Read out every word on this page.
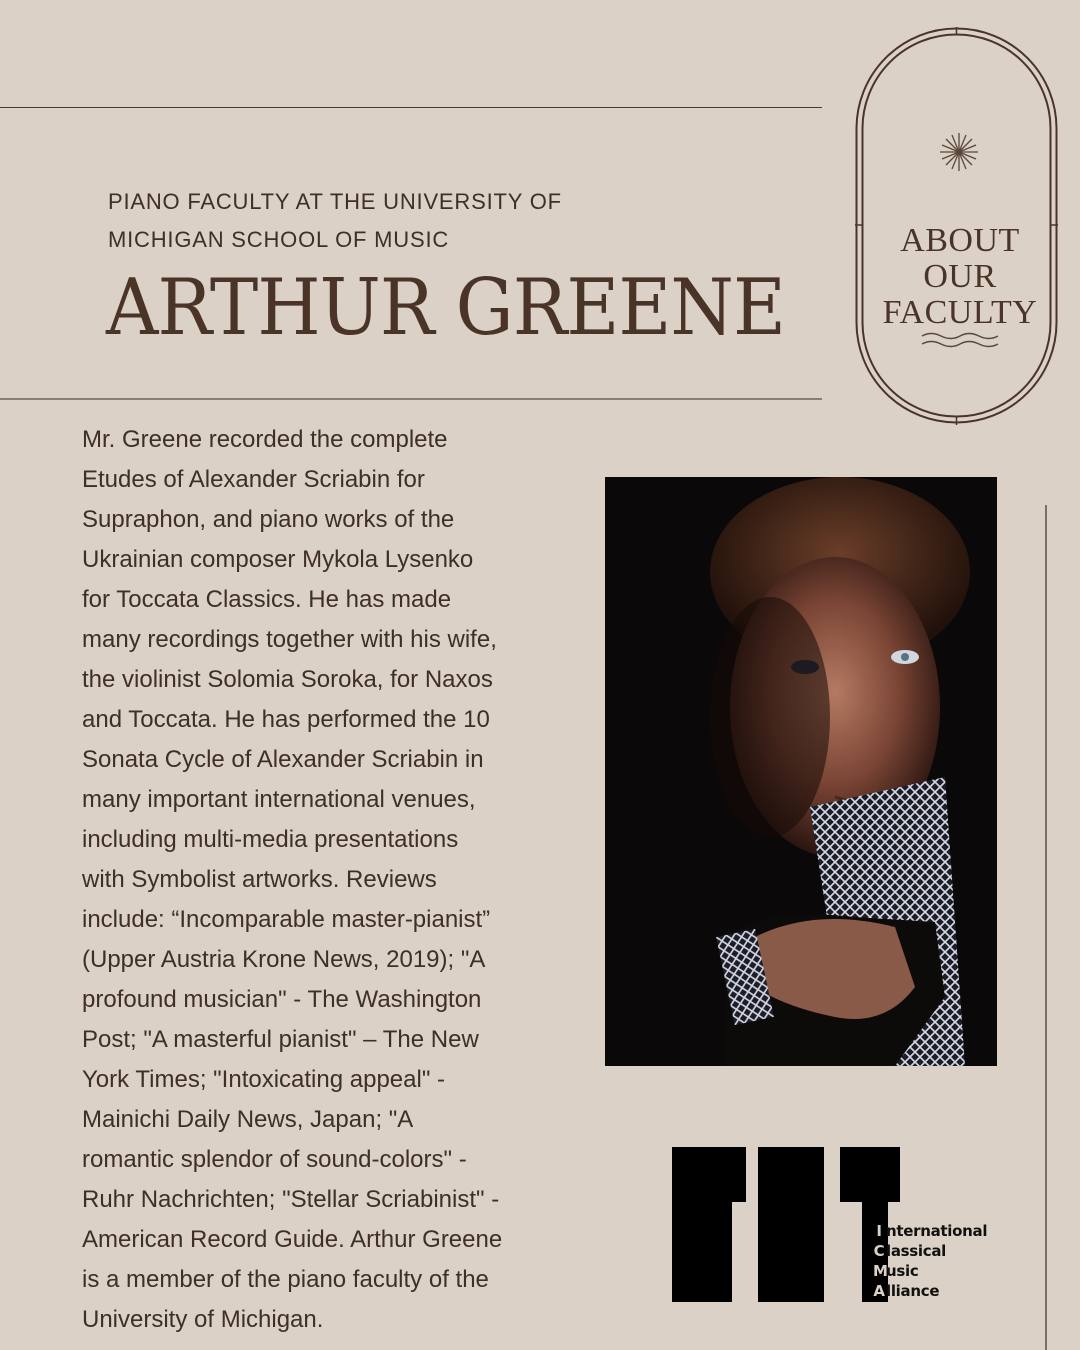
PIANO FACULTY AT THE UNIVERSITY OF
MICHIGAN SCHOOL OF MUSIC
ARTHUR GREENE
ABOUT
OUR
FACULTY
Mr. Greene recorded the complete
Etudes of Alexander Scriabin for
Supraphon, and piano works of the
Ukrainian composer Mykola Lysenko
for Toccata Classics. He has made
many recordings together with his wife,
the violinist Solomia Soroka, for Naxos
and Toccata. He has performed the 10
Sonata Cycle of Alexander Scriabin in
many important international venues,
including multi-media presentations
with Symbolist artworks. Reviews
include: “Incomparable master-pianist”
(Upper Austria Krone News, 2019); "A
profound musician" - The Washington
Post; "A masterful pianist" – The New
York Times; "Intoxicating appeal" -
Mainichi Daily News, Japan; "A
romantic splendor of sound-colors" -
Ruhr Nachrichten; "Stellar Scriabinist" -
American Record Guide. Arthur Greene
is a member of the piano faculty of the
University of Michigan.
I nternational
C lassical
Music
Alliance
